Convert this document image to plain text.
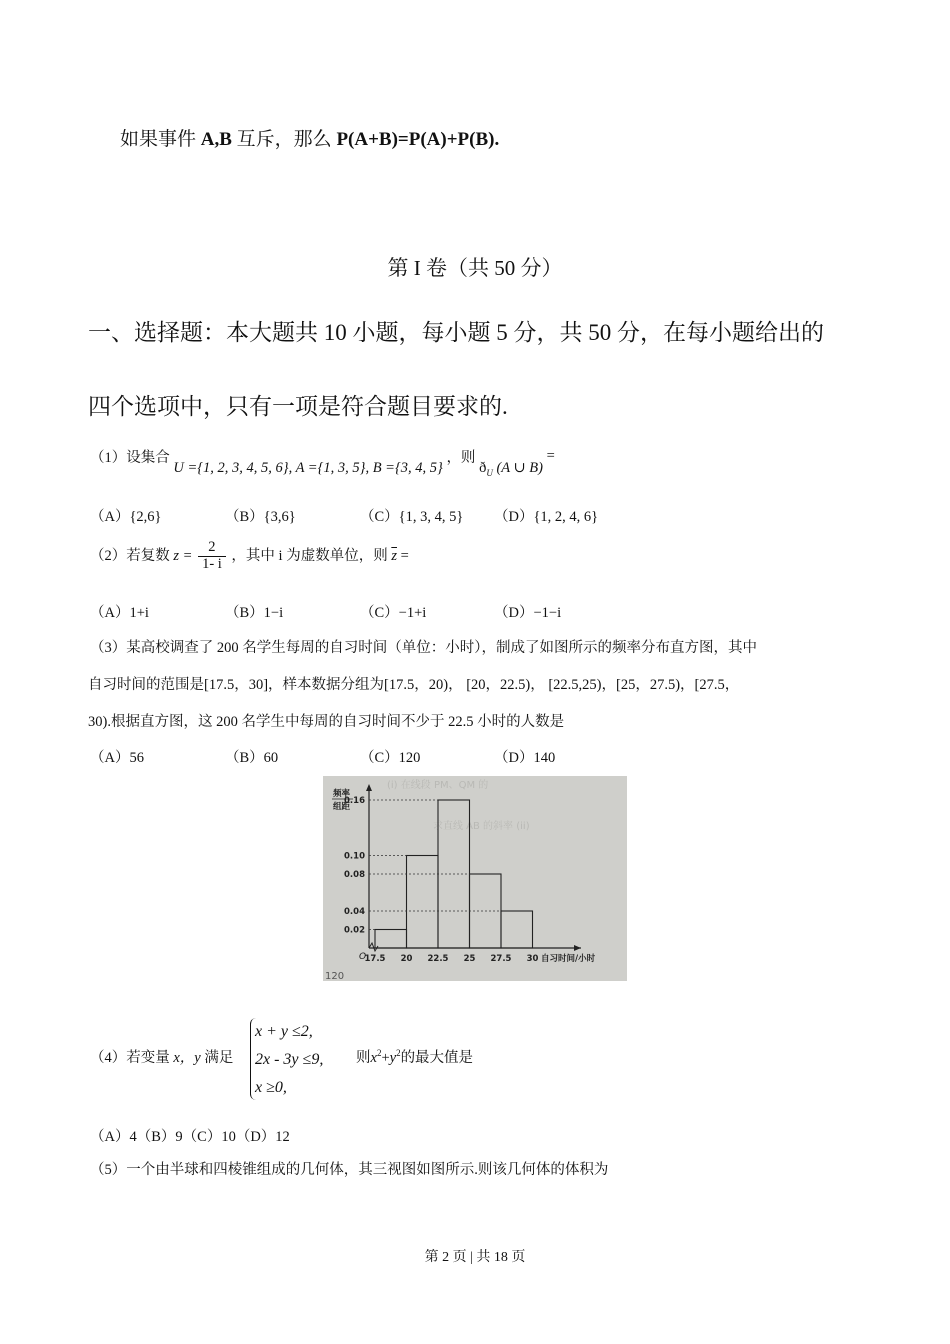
如果事件 A,B 互斥，那么 P(A+B)=P(A)+P(B).
第 I 卷（共 50 分）
一、选择题：本大题共 10 小题，每小题 5 分，共 50 分，在每小题给出的
四个选项中，只有一项是符合题目要求的.
（1）设集合 U ={1, 2, 3, 4, 5, 6}, A ={1, 3, 5}, B ={3, 4, 5} ，则 $ð_U$ (A ∪ B) =
（A）{2,6}	（B）{3,6}	（C）{1, 3, 4, 5} （D）{1, 2, 4, 6}
（2）若复数 $z = \frac{2}{1- i}$ ，其中 i 为虚数单位，则 $\overline{z}$ =
（A）1+i	（B）1−i	（C）−1+i	（D）−1−i
（3）某高校调查了 200 名学生每周的自习时间（单位：小时），制成了如图所示的频率分布直方图，其中
自习时间的范围是[17.5，30]，样本数据分组为[17.5，20)， [20，22.5)， [22.5,25)，[25，27.5)，[27.5，
30).根据直方图，这 200 名学生中每周的自习时间不少于 22.5 小时的人数是
（A）56	（B）60	（C）120	（D）140
(i) 在线段 PM、QM 的
求直线 AB 的斜率 (ii)
频率
组距
0.02
0.04
0.08
0.10
0.16
O
17.5 20 22.5 25 27.5 30 自习时间/小时
120
（4）若变量 x，y 满足
x + y ≤2,
2x - 3y ≤9,
x ≥0,
则$x^2+y^2$的最大值是
（A）4（B）9（C）10（D）12
（5）一个由半球和四棱锥组成的几何体，其三视图如图所示.则该几何体的体积为
第 2 页 | 共 18 页
